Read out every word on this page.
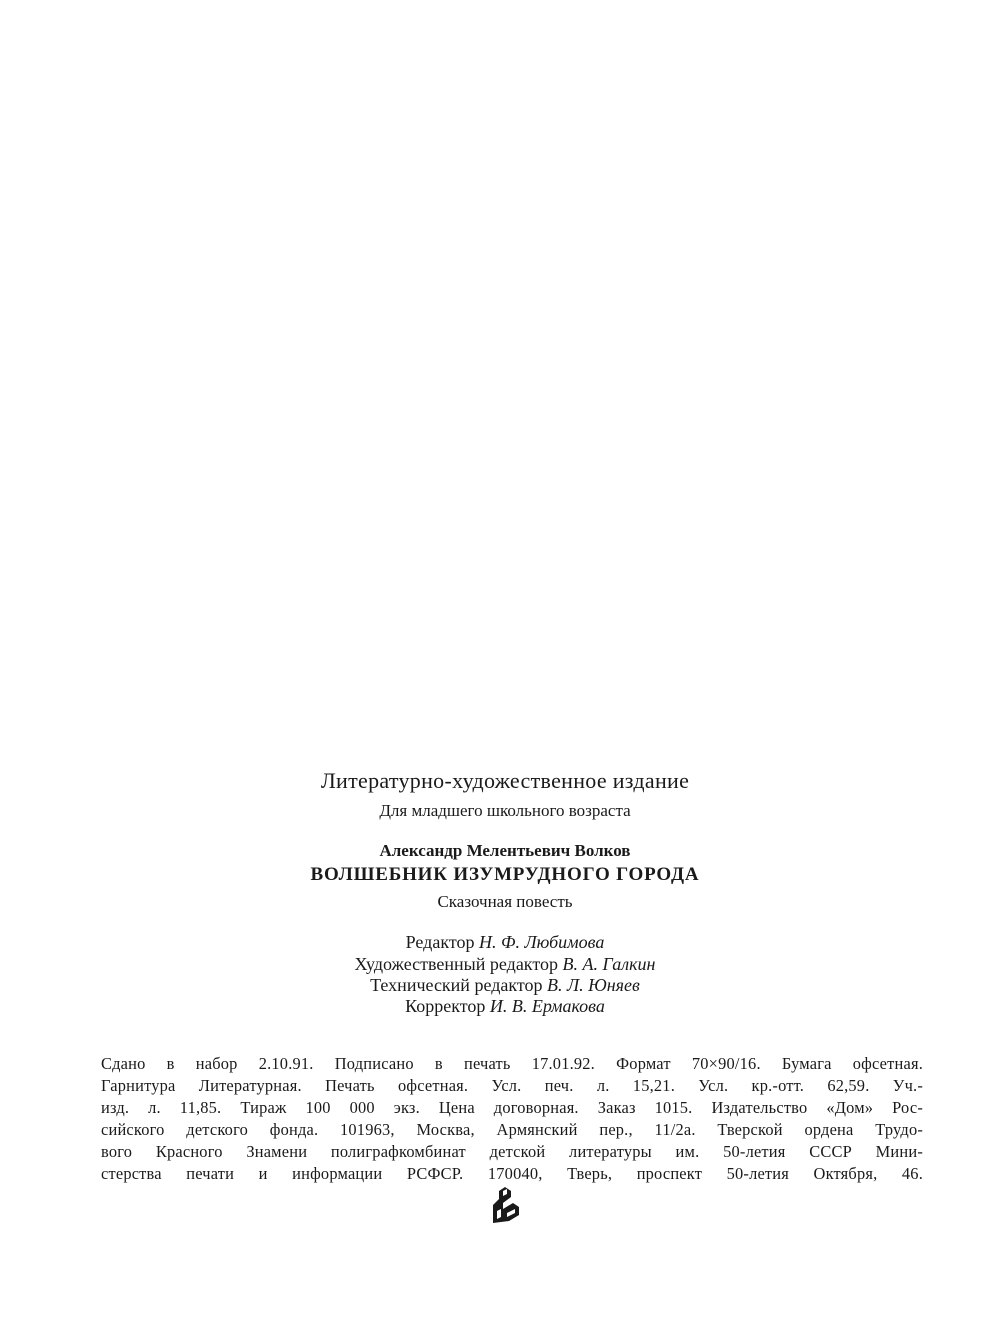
Литературно-художественное издание
Для младшего школьного возраста
Александр Мелентьевич Волков
ВОЛШЕБНИК ИЗУМРУДНОГО ГОРОДА
Сказочная повесть
Редактор Н. Ф. Любимова
Художественный редактор В. А. Галкин
Технический редактор В. Л. Юняев
Корректор И. В. Ермакова
Сдано в набор 2.10.91. Подписано в печать 17.01.92. Формат 70×90/16. Бумага офсетная.
Гарнитура Литературная. Печать офсетная. Усл. печ. л. 15,21. Усл. кр.-отт. 62,59. Уч.-
изд. л. 11,85. Тираж 100 000 экз. Цена договорная. Заказ 1015. Издательство «Дом» Рос-
сийского детского фонда. 101963, Москва, Армянский пер., 11/2а. Тверской ордена Трудо-
вого Красного Знамени полиграфкомбинат детской литературы им. 50-летия СССР Мини-
стерства печати и информации РСФСР. 170040, Тверь, проспект 50-летия Октября, 46.
